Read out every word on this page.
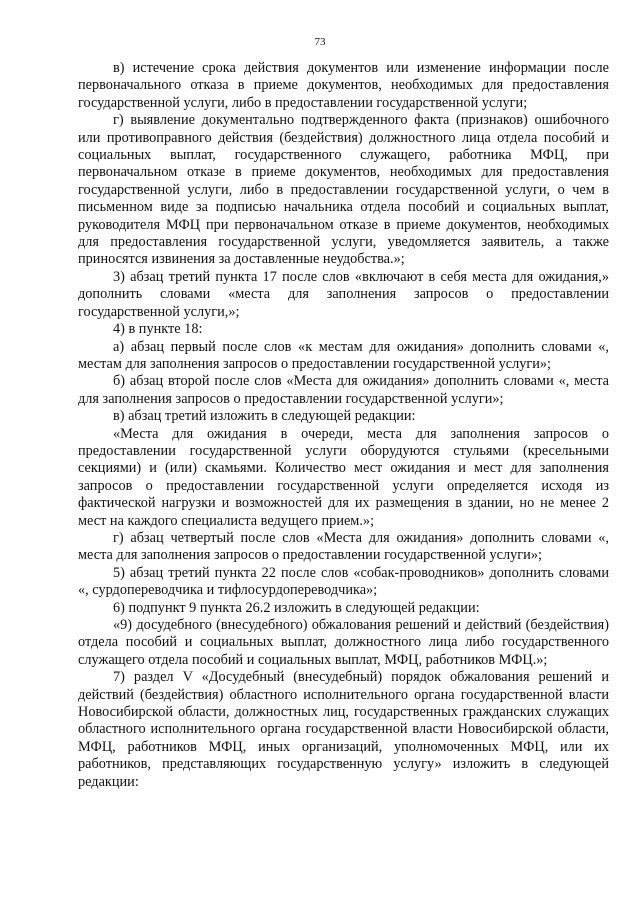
73

в) истечение срока действия документов или изменение информации после первоначального отказа в приеме документов, необходимых для предоставления государственной услуги, либо в предоставлении государственной услуги;

г) выявление документально подтвержденного факта (признаков) ошибочного или противоправного действия (бездействия) должностного лица отдела пособий и социальных выплат, государственного служащего, работника МФЦ, при первоначальном отказе в приеме документов, необходимых для предоставления государственной услуги, либо в предоставлении государственной услуги, о чем в письменном виде за подписью начальника отдела пособий и социальных выплат, руководителя МФЦ при первоначальном отказе в приеме документов, необходимых для предоставления государственной услуги, уведомляется заявитель, а также приносятся извинения за доставленные неудобства.»;

3) абзац третий пункта 17 после слов «включают в себя места для ожидания,» дополнить словами «места для заполнения запросов о предоставлении государственной услуги,»;

4) в пункте 18:

а) абзац первый после слов «к местам для ожидания» дополнить словами «, местам для заполнения запросов о предоставлении государственной услуги»;

б) абзац второй после слов «Места для ожидания» дополнить словами «, места для заполнения запросов о предоставлении государственной услуги»;

в) абзац третий изложить в следующей редакции:

«Места для ожидания в очереди, места для заполнения запросов о предоставлении государственной услуги оборудуются стульями (кресельными секциями) и (или) скамьями. Количество мест ожидания и мест для заполнения запросов о предоставлении государственной услуги определяется исходя из фактической нагрузки и возможностей для их размещения в здании, но не менее 2 мест на каждого специалиста ведущего прием.»;

г) абзац четвертый после слов «Места для ожидания» дополнить словами «, места для заполнения запросов о предоставлении государственной услуги»;

5) абзац третий пункта 22 после слов «собак-проводников» дополнить словами «, сурдопереводчика и тифлосурдопереводчика»;

6) подпункт 9 пункта 26.2 изложить в следующей редакции:

«9) досудебного (внесудебного) обжалования решений и действий (бездействия) отдела пособий и социальных выплат, должностного лица либо государственного служащего отдела пособий и социальных выплат, МФЦ, работников МФЦ.»;

7) раздел V «Досудебный (внесудебный) порядок обжалования решений и действий (бездействия) областного исполнительного органа государственной власти Новосибирской области, должностных лиц, государственных гражданских служащих областного исполнительного органа государственной власти Новосибирской области, МФЦ, работников МФЦ, иных организаций, уполномоченных МФЦ, или их работников, представляющих государственную услугу» изложить в следующей редакции:
